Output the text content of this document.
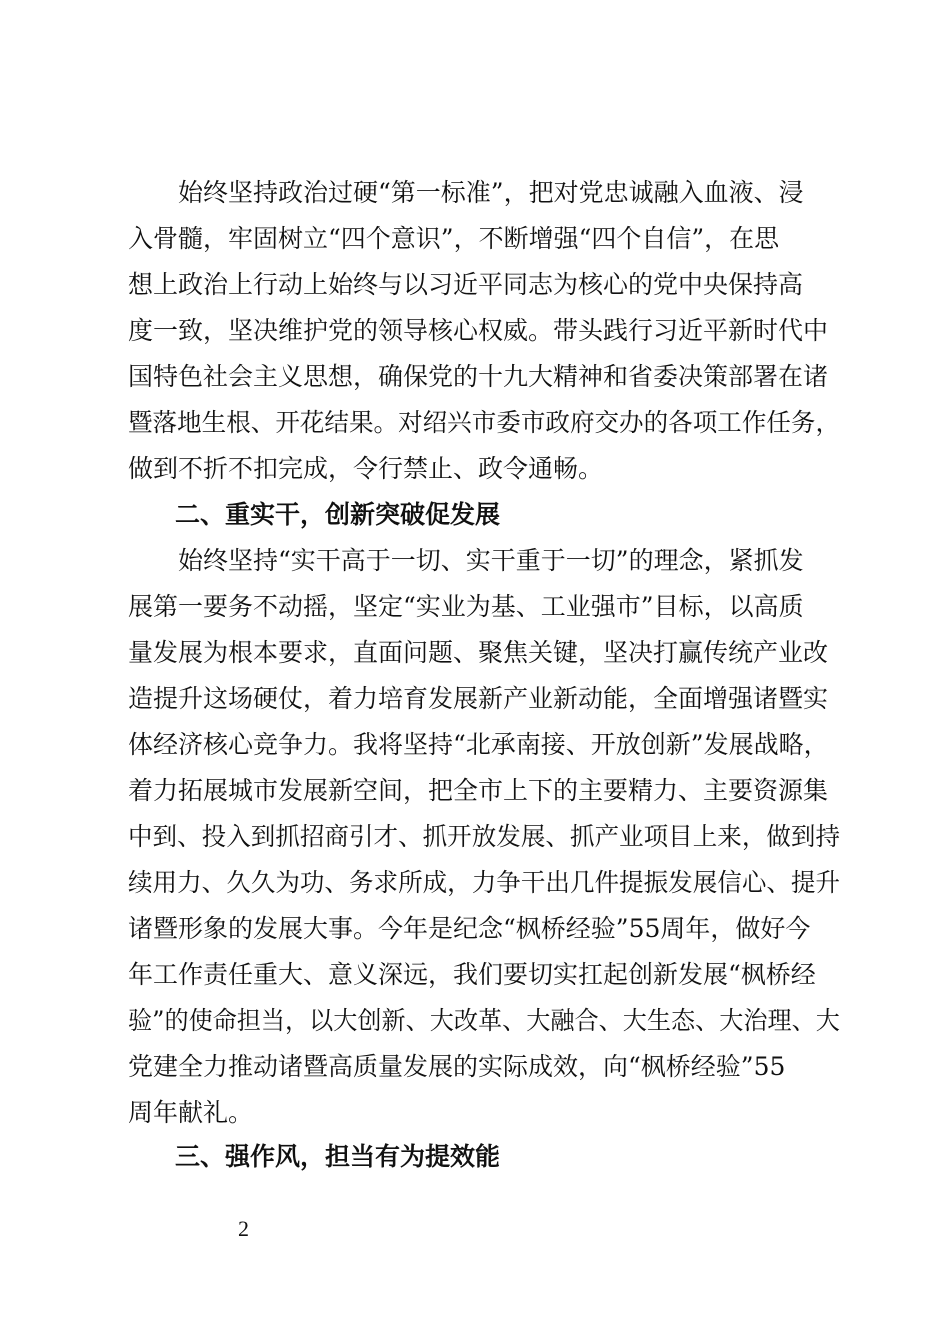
　　始终坚持政治过硬“第一标准”，把对党忠诚融入血液、浸
入骨髓，牢固树立“四个意识”，不断增强“四个自信”，在思
想上政治上行动上始终与以习近平同志为核心的党中央保持高
度一致，坚决维护党的领导核心权威。带头践行习近平新时代中
国特色社会主义思想，确保党的十九大精神和省委决策部署在诸
暨落地生根、开花结果。对绍兴市委市政府交办的各项工作任务，
做到不折不扣完成，令行禁止、政令通畅。
二、重实干，创新突破促发展
　　始终坚持“实干高于一切、实干重于一切”的理念，紧抓发
展第一要务不动摇，坚定“实业为基、工业强市”目标，以高质
量发展为根本要求，直面问题、聚焦关键，坚决打赢传统产业改
造提升这场硬仗，着力培育发展新产业新动能，全面增强诸暨实
体经济核心竞争力。我将坚持“北承南接、开放创新”发展战略，
着力拓展城市发展新空间，把全市上下的主要精力、主要资源集
中到、投入到抓招商引才、抓开放发展、抓产业项目上来，做到持
续用力、久久为功、务求所成，力争干出几件提振发展信心、提升
诸暨形象的发展大事。今年是纪念“枫桥经验”55周年，做好今
年工作责任重大、意义深远，我们要切实扛起创新发展“枫桥经
验”的使命担当，以大创新、大改革、大融合、大生态、大治理、大
党建全力推动诸暨高质量发展的实际成效，向“枫桥经验”55
周年献礼。
三、强作风，担当有为提效能
2
